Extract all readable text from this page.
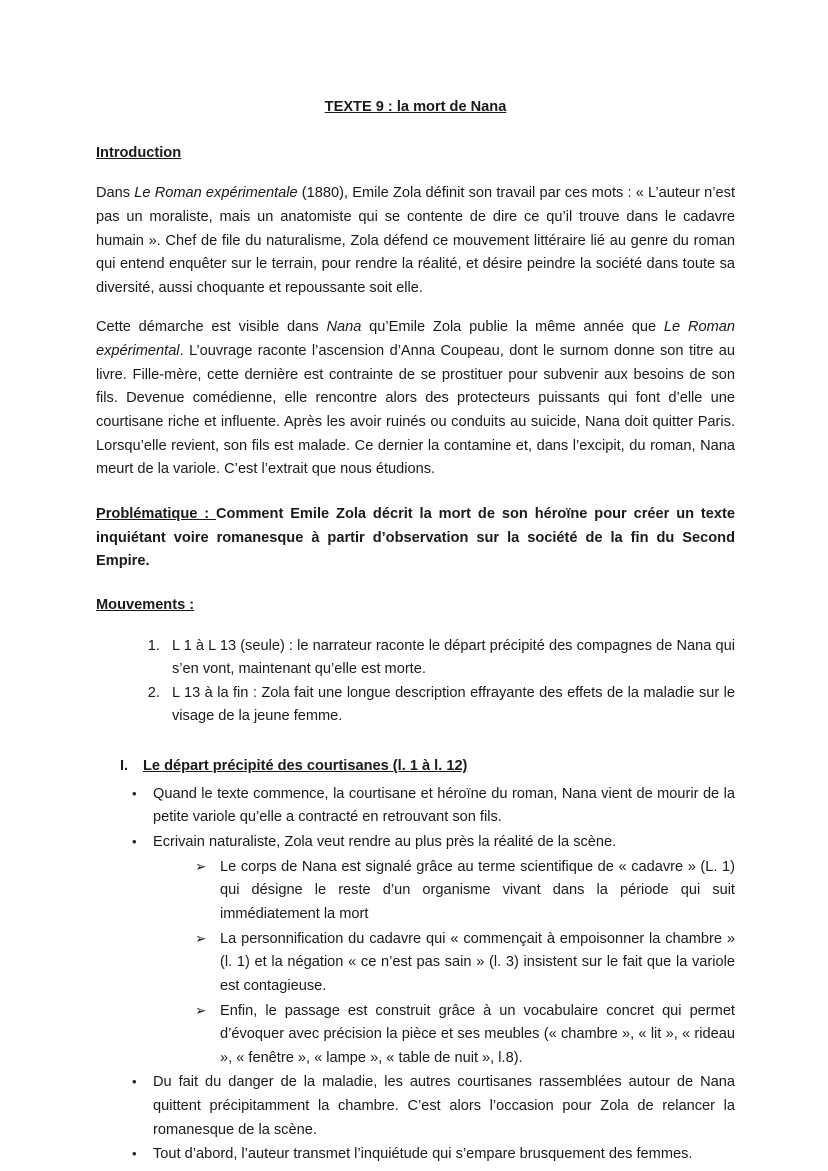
TEXTE 9 : la mort de Nana
Introduction

Dans Le Roman expérimentale (1880), Emile Zola définit son travail par ces mots : « L’auteur n’est pas un moraliste, mais un anatomiste qui se contente de dire ce qu’il trouve dans le cadavre humain ». Chef de file du naturalisme, Zola défend ce mouvement littéraire lié au genre du roman qui entend enquêter sur le terrain, pour rendre la réalité, et désire peindre la société dans toute sa diversité, aussi choquante et repoussante soit elle.

Cette démarche est visible dans Nana qu’Emile Zola publie la même année que Le Roman expérimental. L’ouvrage raconte l’ascension d’Anna Coupeau, dont le surnom donne son titre au livre. Fille-mère, cette dernière est contrainte de se prostituer pour subvenir aux besoins de son fils. Devenue comédienne, elle rencontre alors des protecteurs puissants qui font d’elle une courtisane riche et influente. Après les avoir ruinés ou conduits au suicide, Nana doit quitter Paris. Lorsqu’elle revient, son fils est malade. Ce dernier la contamine et, dans l’excipit, du roman, Nana meurt de la variole. C’est l’extrait que nous étudions.

Problématique : Comment Emile Zola décrit la mort de son héroïne pour créer un texte inquiétant voire romanesque à partir d’observation sur la société de la fin du Second Empire.

Mouvements :
1. L 1 à L 13 (seule) : le narrateur raconte le départ précipité des compagnes de Nana qui s’en vont, maintenant qu’elle est morte.
2. L 13 à la fin : Zola fait une longue description effrayante des effets de la maladie sur le visage de la jeune femme.
I.	Le départ précipité des courtisanes (l. 1 à l. 12)
•	Quand le texte commence, la courtisane et héroïne du roman, Nana vient de mourir de la petite variole qu’elle a contracté en retrouvant son fils.
•	Ecrivain naturaliste, Zola veut rendre au plus près la réalité de la scène.
➢ Le corps de Nana est signalé grâce au terme scientifique de « cadavre » (L. 1) qui désigne le reste d’un organisme vivant dans la période qui suit immédiatement la mort
➢ La personnification du cadavre qui « commençait à empoisonner la chambre » (l. 1) et la négation « ce n’est pas sain » (l. 3) insistent sur le fait que la variole est contagieuse.
➢ Enfin, le passage est construit grâce à un vocabulaire concret qui permet d’évoquer avec précision la pièce et ses meubles (« chambre », « lit », « rideau », « fenêtre », « lampe », « table de nuit », l.8).
•	Du fait du danger de la maladie, les autres courtisanes rassemblées autour de Nana quittent précipitamment la chambre. C’est alors l’occasion pour Zola de relancer la romanesque de la scène.
•	Tout d’abord, l’auteur transmet l’inquiétude qui s’empare brusquement des femmes.
